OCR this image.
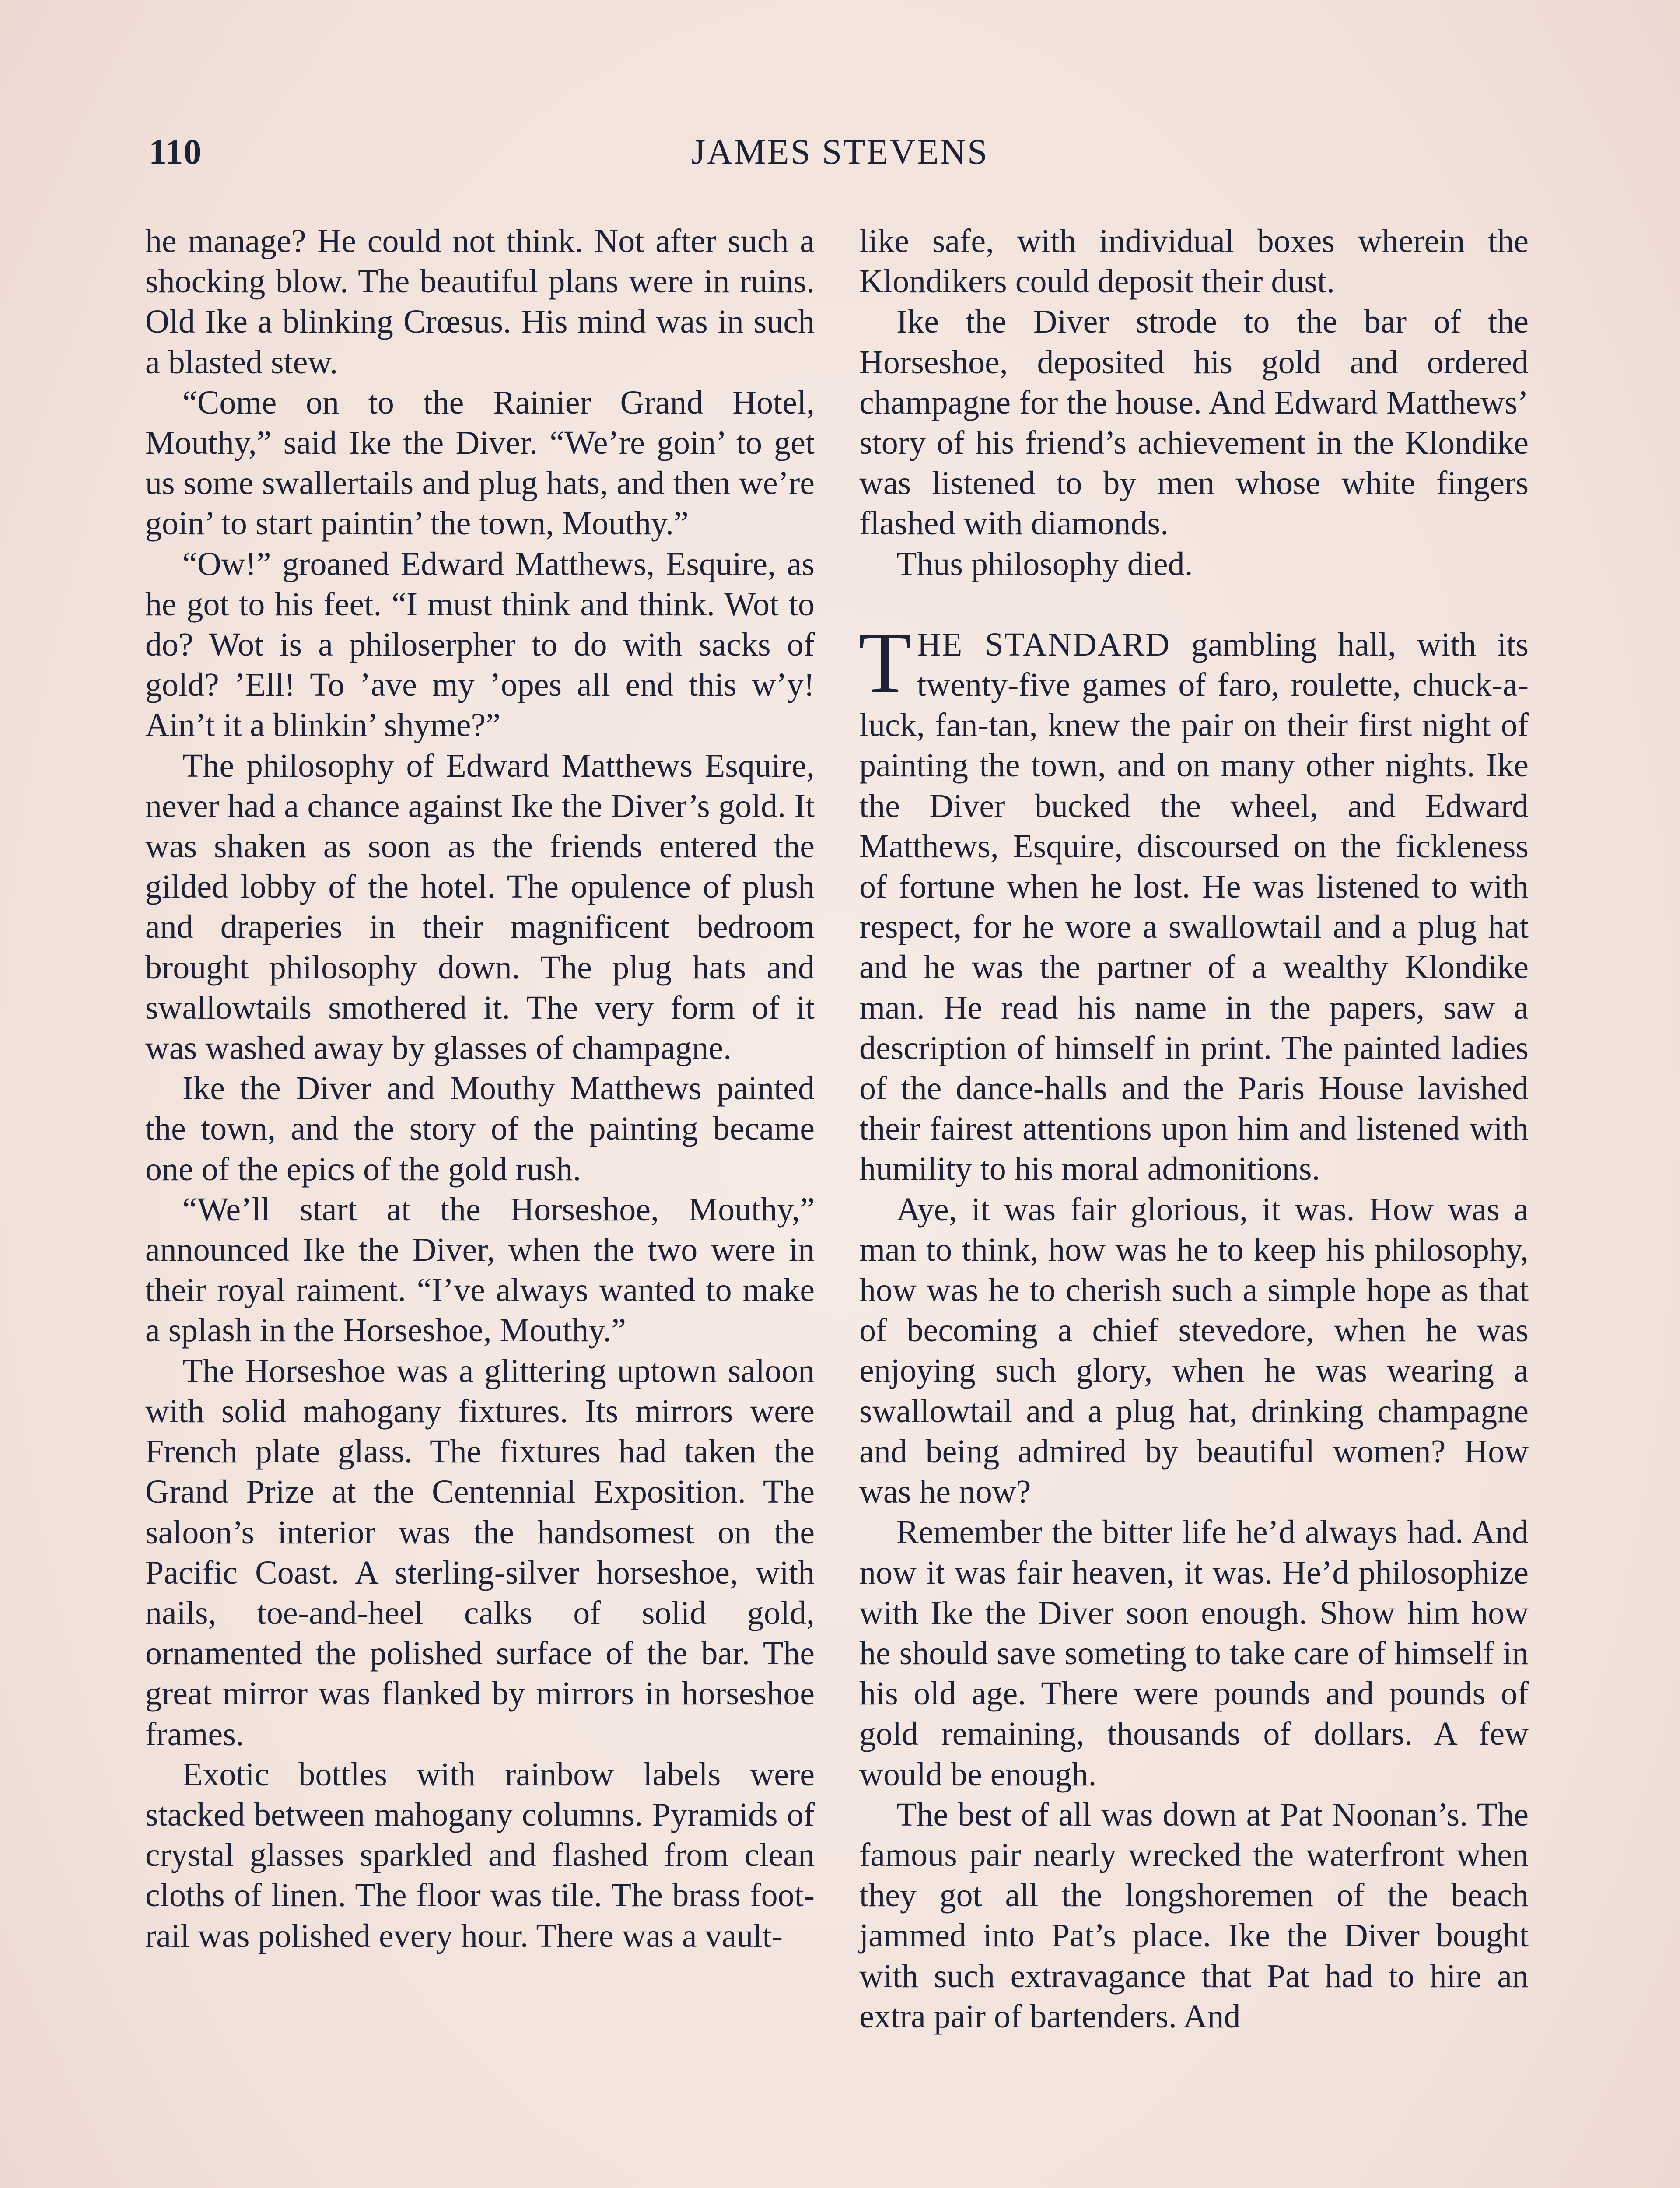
110	JAMES STEVENS

he manage? He could not think. Not after such a shocking blow. The beautiful plans were in ruins. Old Ike a blinking Crœsus. His mind was in such a blasted stew.

“Come on to the Rainier Grand Hotel, Mouthy,” said Ike the Diver. “We’re goin’ to get us some swallertails and plug hats, and then we’re goin’ to start paintin’ the town, Mouthy.”

“Ow!” groaned Edward Matthews, Esquire, as he got to his feet. “I must think and think. Wot to do? Wot is a philoserpher to do with sacks of gold? ’Ell! To ’ave my ’opes all end this w’y! Ain’t it a blinkin’ shyme?”

The philosophy of Edward Matthews Esquire, never had a chance against Ike the Diver’s gold. It was shaken as soon as the friends entered the gilded lobby of the hotel. The opulence of plush and draperies in their magnificent bedroom brought philosophy down. The plug hats and swallowtails smothered it. The very form of it was washed away by glasses of champagne.

Ike the Diver and Mouthy Matthews painted the town, and the story of the painting became one of the epics of the gold rush.

“We’ll start at the Horseshoe, Mouthy,” announced Ike the Diver, when the two were in their royal raiment. “I’ve always wanted to make a splash in the Horseshoe, Mouthy.”

The Horseshoe was a glittering uptown saloon with solid mahogany fixtures. Its mirrors were French plate glass. The fixtures had taken the Grand Prize at the Centennial Exposition. The saloon’s interior was the handsomest on the Pacific Coast. A sterling-silver horseshoe, with nails, toe-and-heel calks of solid gold, ornamented the polished surface of the bar. The great mirror was flanked by mirrors in horseshoe frames.

Exotic bottles with rainbow labels were stacked between mahogany columns. Pyramids of crystal glasses sparkled and flashed from clean cloths of linen. The floor was tile. The brass foot-rail was polished every hour. There was a vault-

like safe, with individual boxes wherein the Klondikers could deposit their dust.

Ike the Diver strode to the bar of the Horseshoe, deposited his gold and ordered champagne for the house. And Edward Matthews’ story of his friend’s achievement in the Klondike was listened to by men whose white fingers flashed with diamonds.

Thus philosophy died.

THE STANDARD gambling hall, with its twenty-five games of faro, roulette, chuck-a-luck, fan-tan, knew the pair on their first night of painting the town, and on many other nights. Ike the Diver bucked the wheel, and Edward Matthews, Esquire, discoursed on the fickleness of fortune when he lost. He was listened to with respect, for he wore a swallowtail and a plug hat and he was the partner of a wealthy Klondike man. He read his name in the papers, saw a description of himself in print. The painted ladies of the dance-halls and the Paris House lavished their fairest attentions upon him and listened with humility to his moral admonitions.

Aye, it was fair glorious, it was. How was a man to think, how was he to keep his philosophy, how was he to cherish such a simple hope as that of becoming a chief stevedore, when he was enjoying such glory, when he was wearing a swallowtail and a plug hat, drinking champagne and being admired by beautiful women? How was he now?

Remember the bitter life he’d always had. And now it was fair heaven, it was. He’d philosophize with Ike the Diver soon enough. Show him how he should save someting to take care of himself in his old age. There were pounds and pounds of gold remaining, thousands of dollars. A few would be enough.

The best of all was down at Pat Noonan’s. The famous pair nearly wrecked the waterfront when they got all the longshoremen of the beach jammed into Pat’s place. Ike the Diver bought with such extravagance that Pat had to hire an extra pair of bartenders. And
